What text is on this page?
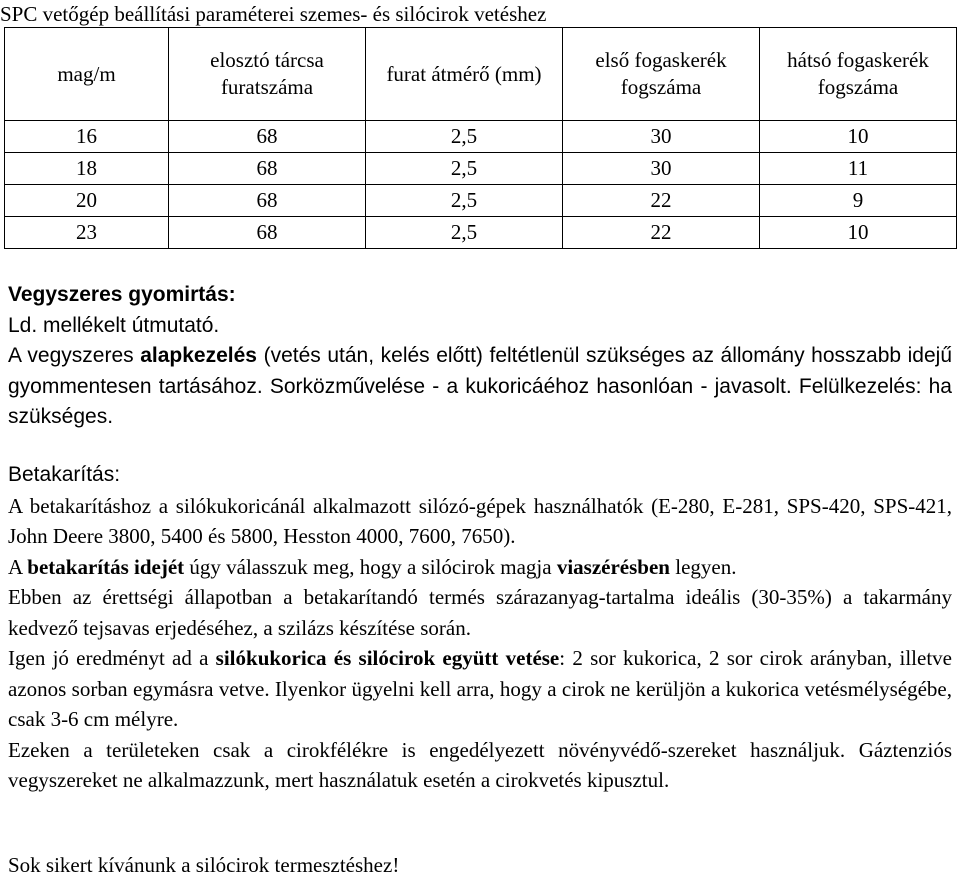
SPC vetőgép beállítási paraméterei szemes- és silócirok vetéshez
mag/m	elosztó tárcsa furatszáma	furat átmérő (mm)	első fogaskerék fogszáma	hátsó fogaskerék fogszáma
16	68	2,5	30	10
18	68	2,5	30	11
20	68	2,5	22	9
23	68	2,5	22	10

Vegyszeres gyomirtás:

Ld. mellékelt útmutató.

A vegyszeres alapkezelés (vetés után, kelés előtt) feltétlenül szükséges az állomány hosszabb idejű gyommentesen tartásához. Sorközművelése - a kukoricáéhoz hasonlóan - javasolt. Felülkezelés: ha szükséges.

Betakarítás:

A betakarításhoz a silókukoricánál alkalmazott silózó-gépek használhatók (E-280, E-281, SPS-420, SPS-421, John Deere 3800, 5400 és 5800, Hesston 4000, 7600, 7650).

A betakarítás idejét úgy válasszuk meg, hogy a silócirok magja viaszérésben legyen.

Ebben az érettségi állapotban a betakarítandó termés szárazanyag-tartalma ideális (30-35%) a takarmány kedvező tejsavas erjedéséhez, a szilázs készítése során.

Igen jó eredményt ad a silókukorica és silócirok együtt vetése: 2 sor kukorica, 2 sor cirok arányban, illetve azonos sorban egymásra vetve. Ilyenkor ügyelni kell arra, hogy a cirok ne kerüljön a kukorica vetésmélységébe, csak 3-6 cm mélyre.

Ezeken a területeken csak a cirokfélékre is engedélyezett növényvédő-szereket használjuk. Gáztenziós vegyszereket ne alkalmazzunk, mert használatuk esetén a cirokvetés kipusztul.

Sok sikert kívánunk a silócirok termesztéshez!
